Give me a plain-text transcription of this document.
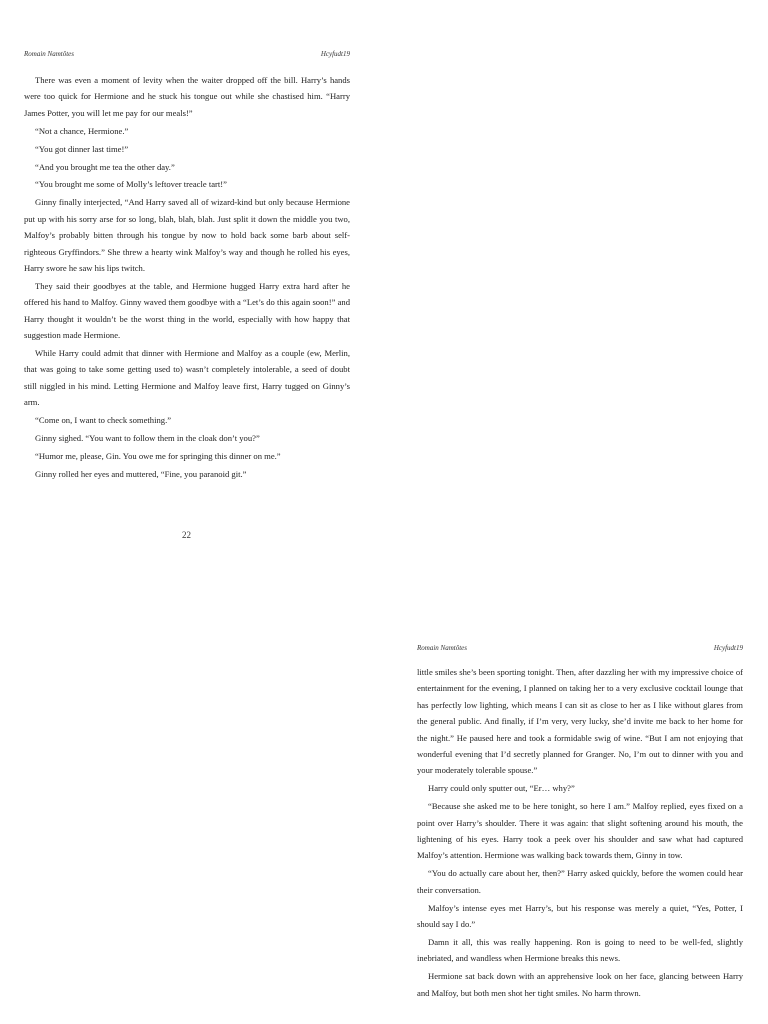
Romain Namtôtes	Hcyfudt19

There was even a moment of levity when the waiter dropped off the bill. Harry’s hands were too quick for Hermione and he stuck his tongue out while she chastised him. “Harry James Potter, you will let me pay for our meals!”

“Not a chance, Hermione.”

“You got dinner last time!”

“And you brought me tea the other day.”

“You brought me some of Molly’s leftover treacle tart!”

Ginny finally interjected, “And Harry saved all of wizard-kind but only because Hermione put up with his sorry arse for so long, blah, blah, blah. Just split it down the middle you two, Malfoy’s probably bitten through his tongue by now to hold back some barb about self-righteous Gryffindors.” She threw a hearty wink Malfoy’s way and though he rolled his eyes, Harry swore he saw his lips twitch.

They said their goodbyes at the table, and Hermione hugged Harry extra hard after he offered his hand to Malfoy. Ginny waved them goodbye with a “Let’s do this again soon!” and Harry thought it wouldn’t be the worst thing in the world, especially with how happy that suggestion made Hermione.

While Harry could admit that dinner with Hermione and Malfoy as a couple (ew, Merlin, that was going to take some getting used to) wasn’t completely intolerable, a seed of doubt still niggled in his mind. Letting Hermione and Malfoy leave first, Harry tugged on Ginny’s arm.

“Come on, I want to check something.”

Ginny sighed. “You want to follow them in the cloak don’t you?”

“Humor me, please, Gin. You owe me for springing this dinner on me.”

Ginny rolled her eyes and muttered, “Fine, you paranoid git.”

22
Romain Namtôtes	Hcyfudt19

little smiles she’s been sporting tonight. Then, after dazzling her with my impressive choice of entertainment for the evening, I planned on taking her to a very exclusive cocktail lounge that has perfectly low lighting, which means I can sit as close to her as I like without glares from the general public. And finally, if I’m very, very lucky, she’d invite me back to her home for the night.” He paused here and took a formidable swig of wine. “But I am not enjoying that wonderful evening that I’d secretly planned for Granger. No, I’m out to dinner with you and your moderately tolerable spouse.”

Harry could only sputter out, “Er… why?”

“Because she asked me to be here tonight, so here I am.” Malfoy replied, eyes fixed on a point over Harry’s shoulder. There it was again: that slight softening around his mouth, the lightening of his eyes. Harry took a peek over his shoulder and saw what had captured Malfoy’s attention. Hermione was walking back towards them, Ginny in tow.

“You do actually care about her, then?” Harry asked quickly, before the women could hear their conversation.

Malfoy’s intense eyes met Harry’s, but his response was merely a quiet, “Yes, Potter, I should say I do.”

Damn it all, this was really happening. Ron is going to need to be well-fed, slightly inebriated, and wandless when Hermione breaks this news.

Hermione sat back down with an apprehensive look on her face, glancing between Harry and Malfoy, but both men shot her tight smiles. No harm thrown.
